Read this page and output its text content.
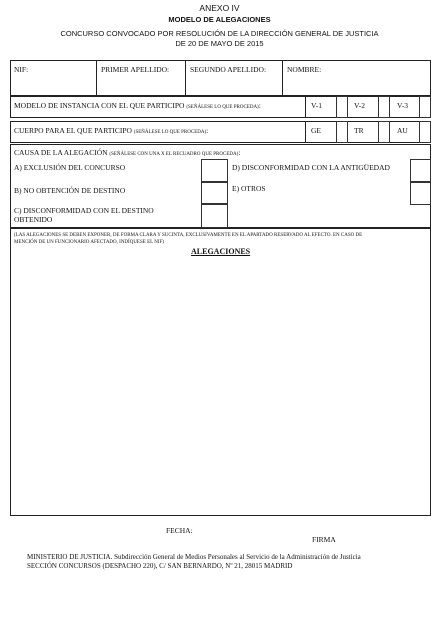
ANEXO IV
MODELO DE ALEGACIONES
CONCURSO CONVOCADO POR RESOLUCIÓN DE LA DIRECCIÓN GENERAL DE JUSTICIA
DE 20 DE MAYO DE 2015
NIF:	PRIMER APELLIDO:	SEGUNDO APELLIDO:	NOMBRE:
MODELO DE INSTANCIA CON EL QUE PARTICIPO (SEÑÁLESE LO QUE PROCEDA):	V-1	V-2	V-3
CUERPO PARA EL QUE PARTICIPO (SEÑÁLESE LO QUE PROCEDA):	GE	TR	AU
CAUSA DE LA ALEGACIÓN (SEÑÁLESE CON UNA X EL RECUADRO QUE PROCEDA):
A) EXCLUSIÓN DEL CONCURSO
B) NO OBTENCIÓN DE DESTINO
C) DISCONFORMIDAD CON EL DESTINO
OBTENIDO
D) DISCONFORMIDAD CON LA ANTIGÜEDAD
E) OTROS
(LAS ALEGACIONES SE DEBEN EXPONER, DE FORMA CLARA Y SUCINTA, EXCLUSIVAMENTE EN EL APARTADO RESERVADO AL EFECTO. EN CASO DE
MENCIÓN DE UN FUNCIONARIO AFECTADO, INDÍQUESE EL NIF)
ALEGACIONES
FECHA:
FIRMA
MINISTERIO DE JUSTICIA. Subdirección General de Medios Personales al Servicio de la Administración de Justicia
SECCIÓN CONCURSOS (DESPACHO 220), C/ SAN BERNARDO, Nº 21, 28015 MADRID
